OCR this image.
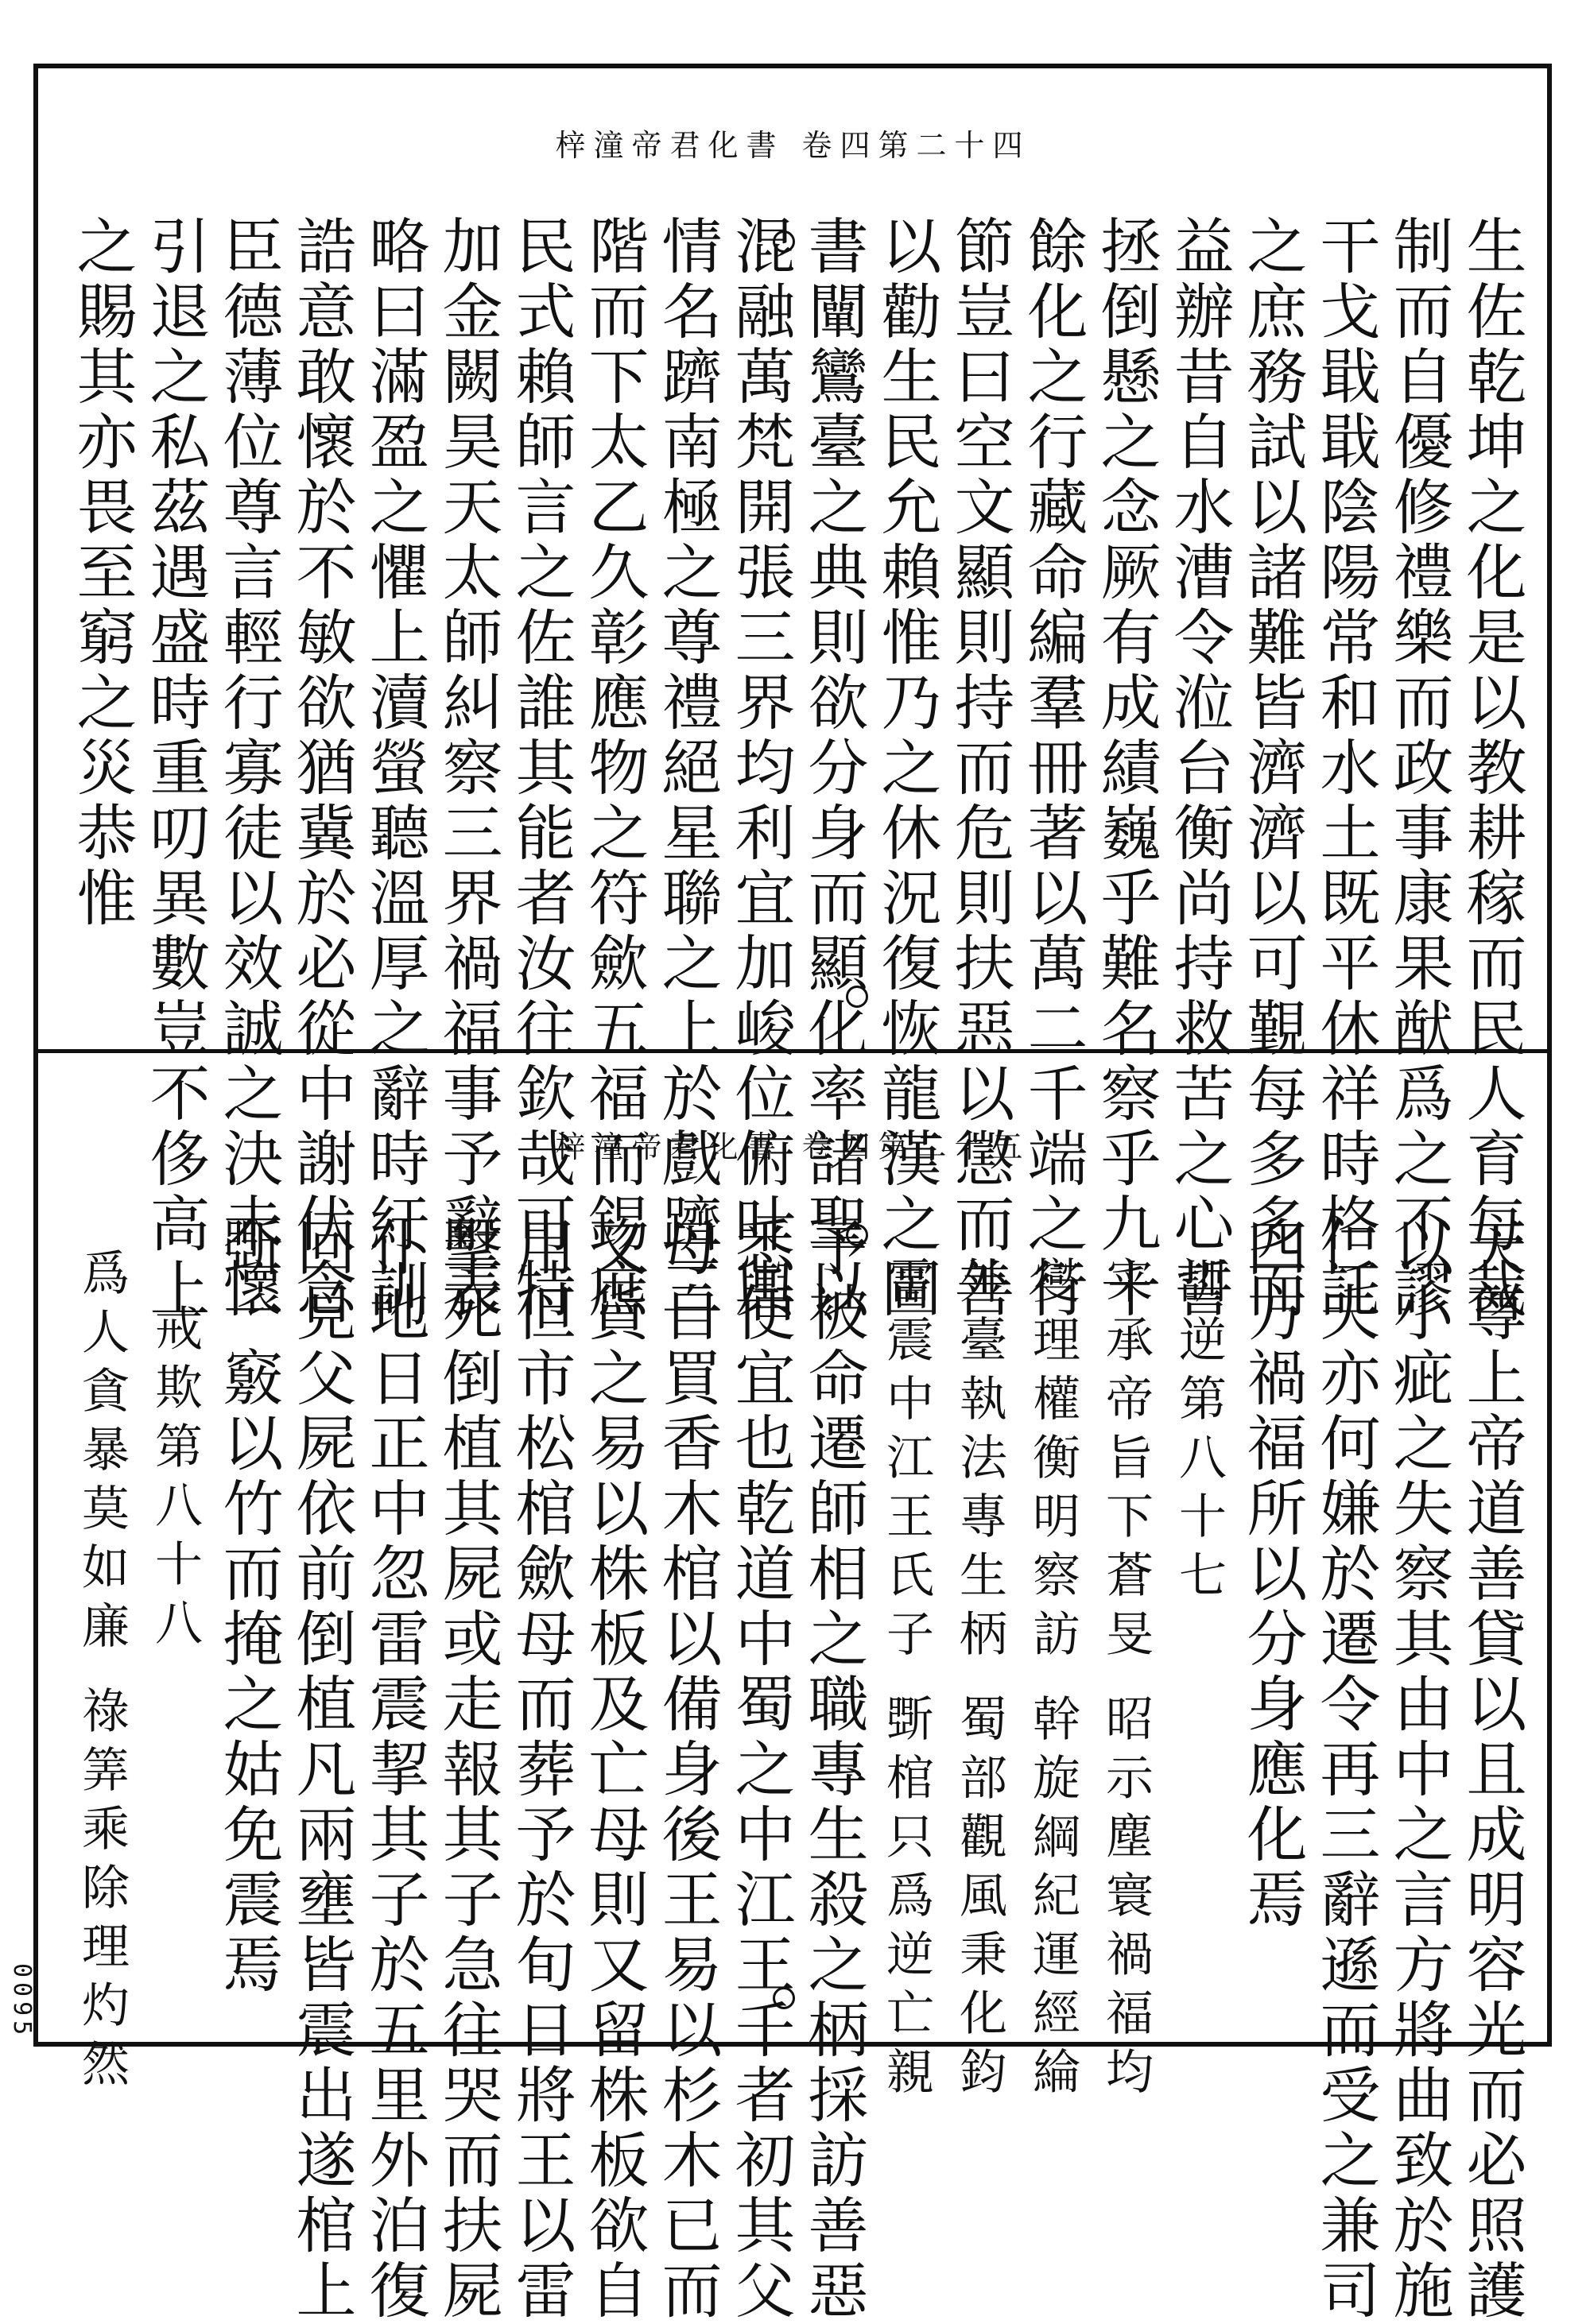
梓潼帝君化書 卷四第二十四
生佐乾坤之化是以教耕稼而民人育每裁
制而自優修禮樂而政事康果猷爲之不謬
干戈戢戢陰陽常和水土既平休祥時格託
之庶務試以諸難皆濟濟以可覲每多多而
益辦昔自水漕令涖台衡尚持救苦之心誓
拯倒懸之念厥有成績巍乎難名察乎九十
餘化之行藏命編羣冊著以萬二千端之行
節豈曰空文顯則持而危則扶惡以懲而善
以勸生民允賴惟乃之休況復恢龍漢之圖
書闡鸞臺之典則欲分身而顯化率諸聖以
混融萬梵開張三界均利宜加峻位俯叶輿
情名躋南極之尊禮絕星聯之上於戲躋三
階而下太乙久彰應物之符歛五福而錫庶
民式賴師言之佐誰其能者汝往欽哉可特
加金闕昊天太師糾察三界禍福事予辭表
略曰滿盈之懼上瀆螢聽溫厚之辭時紆訓
誥意敢懷於不敏欲猶冀於必從中謝伏念
臣德薄位尊言輕行寡徒以效誠之決未懷
引退之私茲遇盛時重叨異數豈不侈高上
之賜其亦畏至窮之災恭惟
梓潼帝君化書 卷四第二十五
天尊上帝道善貸以且成明容光而必照護
以小疵之失察其由中之言方將曲致於施
仁夫亦何嫌於遷令再三辭遜而受之兼司
四方禍福所以分身應化焉
訓逆第八十七
寀承帝旨下蒼旻 昭示塵寰禍福均
燮理權衡明察訪 幹旋綱紀運經綸
外臺執法專生柄 蜀部觀風秉化鈞
雷震中江王氏子 斲棺只爲逆亡親
予被命遷師相之職專生殺之柄採訪善惡
悉便宜也乾道中蜀之中江王千者初其父
母自買香木棺以備身後王易以杉木已而
又貨之易以株板及亡母則又留株板欲自
用但市松棺歛母而葬予於旬日將王以雷
擊死倒植其屍或走報其子急往哭而扶屍
仆地日正中忽雷震挈其子於五里外泊復
回見父屍依前倒植凡兩壅皆震出遂棺上
斲一竅以竹而掩之姑免震焉
戒欺第八十八
爲人貪暴莫如廉 祿筭乘除理灼然
0095
